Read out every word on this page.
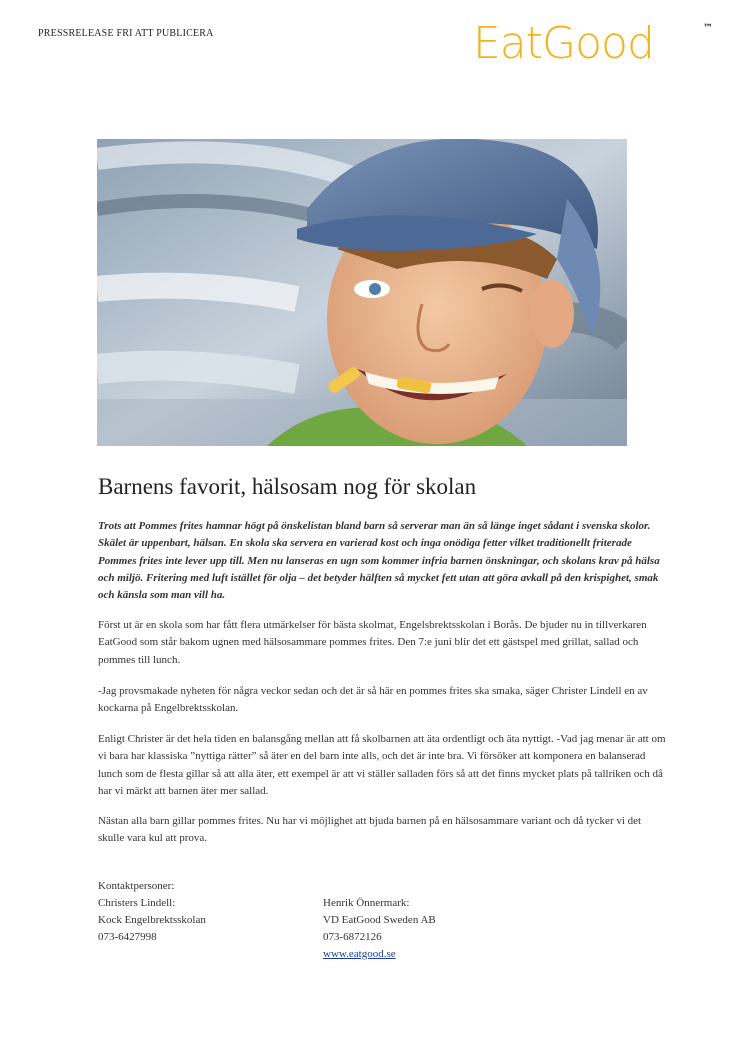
PRESSRELEASE FRI ATT PUBLICERA	EatGood	™
Barnens favorit, hälsosam nog för skolan

Trots att Pommes frites hamnar högt på önskelistan bland barn så serverar man än så länge inget sådant i svenska skolor. Skälet är uppenbart, hälsan. En skola ska servera en varierad kost och inga onödiga fetter vilket traditionellt friterade Pommes frites inte lever upp till. Men nu lanseras en ugn som kommer infria barnen önskningar, och skolans krav på hälsa och miljö. Fritering med luft istället för olja – det betyder hälften så mycket fett utan att göra avkall på den krispighet, smak och känsla som man vill ha.

Först ut är en skola som har fått flera utmärkelser för bästa skolmat, Engelsbrektsskolan i Borås. De bjuder nu in tillverkaren EatGood som står bakom ugnen med hälsosammare pommes frites. Den 7:e juni blir det ett gästspel med grillat, sallad och pommes till lunch.

-Jag provsmakade nyheten för några veckor sedan och det är så här en pommes frites ska smaka, säger Christer Lindell en av kockarna på Engelbrektsskolan.

Enligt Christer är det hela tiden en balansgång mellan att få skolbarnen att äta ordentligt och äta nyttigt. -Vad jag menar är att om vi bara har klassiska ”nyttiga rätter” så äter en del barn inte alls, och det är inte bra. Vi försöker att komponera en balanserad lunch som de flesta gillar så att alla äter, ett exempel är att vi ställer salladen förs så att det finns mycket plats på tallriken och då har vi märkt att barnen äter mer sallad.

Nästan alla barn gillar pommes frites. Nu har vi möjlighet att bjuda barnen på en hälsosammare variant och då tycker vi det skulle vara kul att prova.

Kontaktpersoner:
Christers Lindell:
Kock Engelbrektsskolan
073-6427998
Henrik Önnermark:
VD EatGood Sweden AB
073-6872126
www.eatgood.se
